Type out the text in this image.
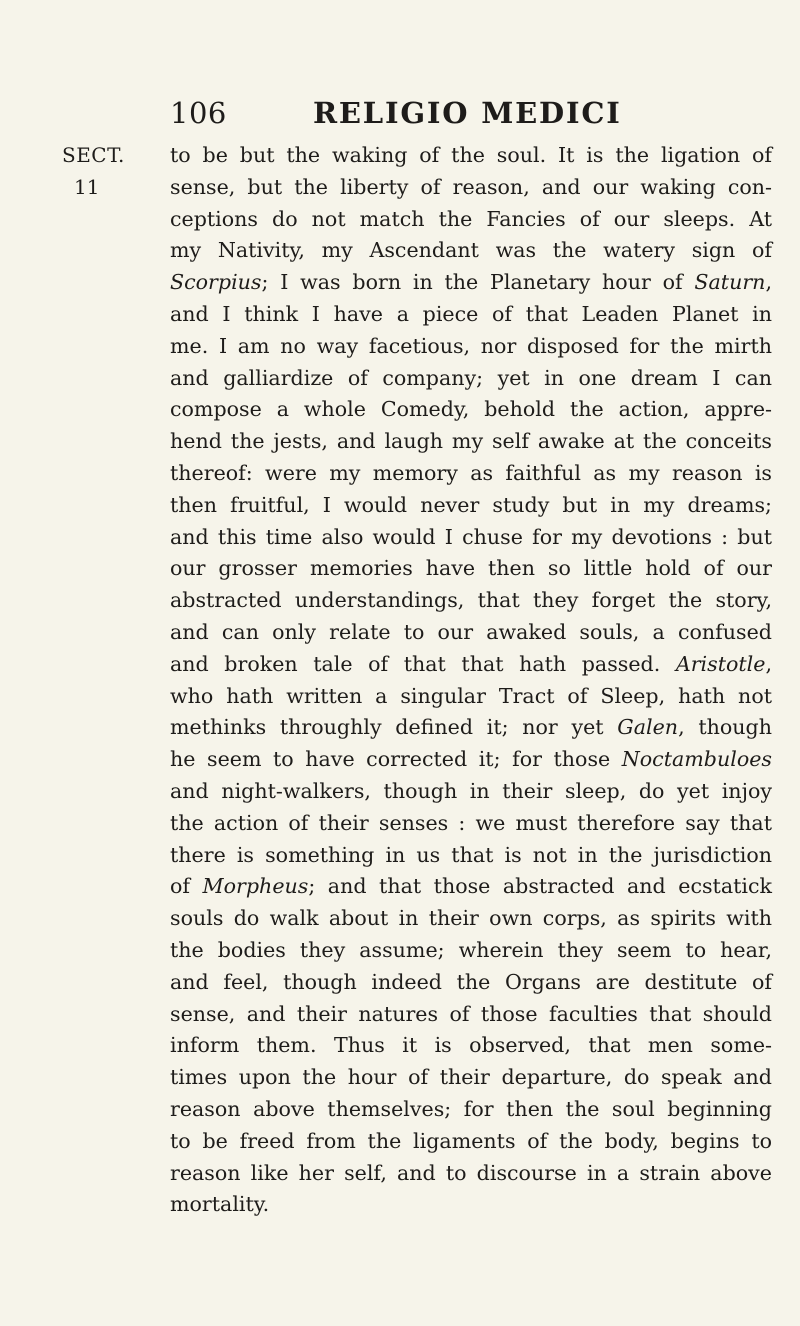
106	RELIGIO MEDICI
SECT.
11
to be but the waking of the soul. It is the ligation of
sense, but the liberty of reason, and our waking con-
ceptions do not match the Fancies of our sleeps. At
my Nativity, my Ascendant was the watery sign of
Scorpius; I was born in the Planetary hour of Saturn,
and I think I have a piece of that Leaden Planet in
me. I am no way facetious, nor disposed for the mirth
and galliardize of company; yet in one dream I can
compose a whole Comedy, behold the action, appre-
hend the jests, and laugh my self awake at the conceits
thereof: were my memory as faithful as my reason is
then fruitful, I would never study but in my dreams;
and this time also would I chuse for my devotions : but
our grosser memories have then so little hold of our
abstracted understandings, that they forget the story,
and can only relate to our awaked souls, a confused
and broken tale of that that hath passed. Aristotle,
who hath written a singular Tract of Sleep, hath not
methinks throughly defined it; nor yet Galen, though
he seem to have corrected it; for those Noctambuloes
and night-walkers, though in their sleep, do yet injoy
the action of their senses : we must therefore say that
there is something in us that is not in the jurisdiction
of Morpheus; and that those abstracted and ecstatick
souls do walk about in their own corps, as spirits with
the bodies they assume; wherein they seem to hear,
and feel, though indeed the Organs are destitute of
sense, and their natures of those faculties that should
inform them. Thus it is observed, that men some-
times upon the hour of their departure, do speak and
reason above themselves; for then the soul beginning
to be freed from the ligaments of the body, begins to
reason like her self, and to discourse in a strain above
mortality.
